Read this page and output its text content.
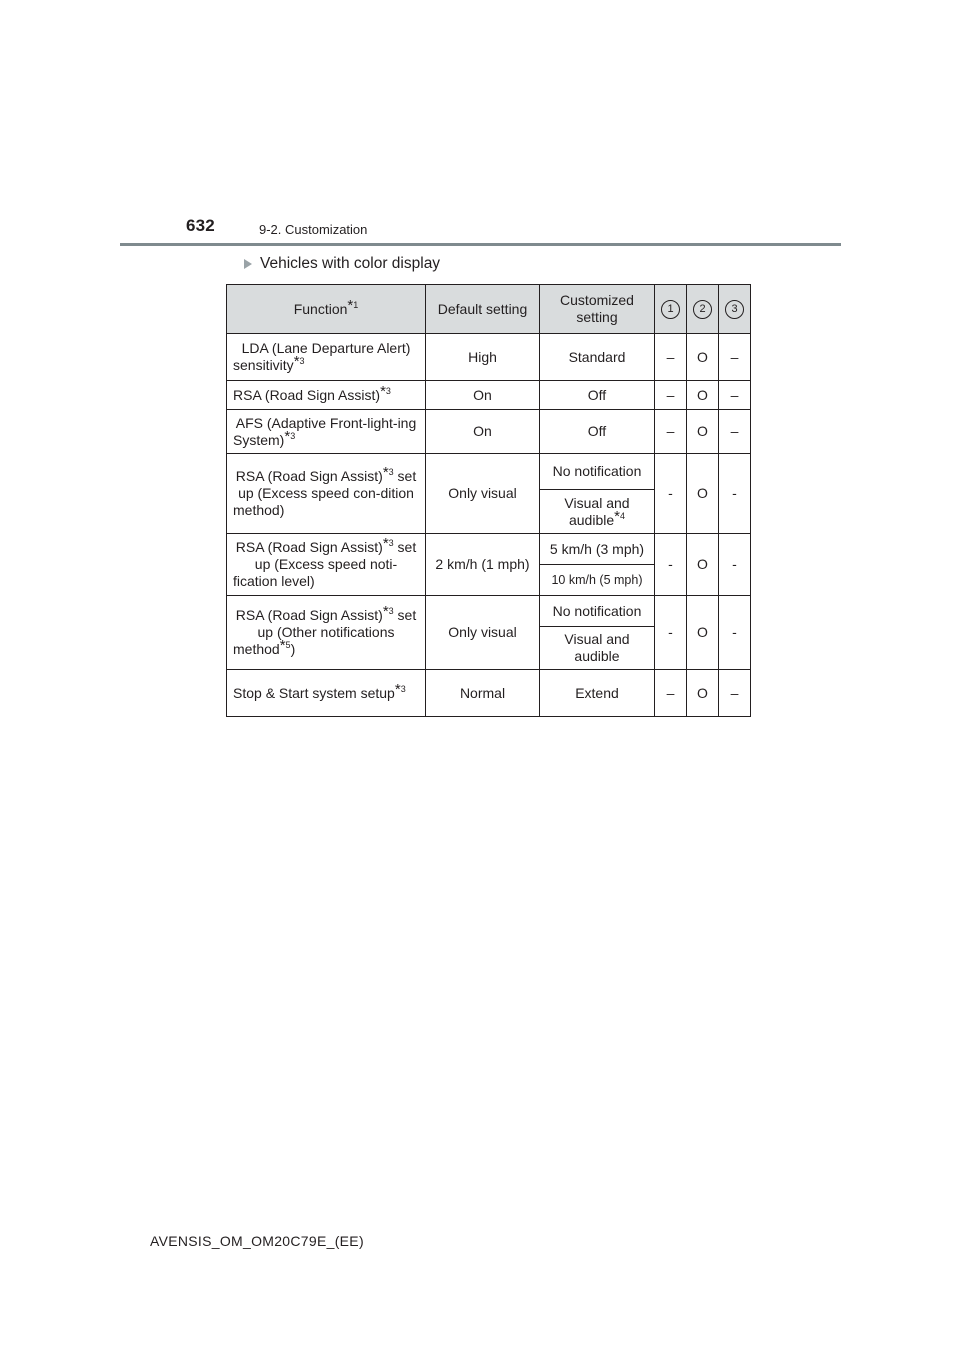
632	9-2. Customization
Vehicles with color display
Function$^{*1}$	Default setting	Customized setting	1	2	3
LDA (Lane Departure Alert) sensitivity$^{*3}$	High	Standard	–	O	–
RSA (Road Sign Assist)$^{*3}$	On	Off	–	O	–
AFS (Adaptive Front-light-ing System)$^{*3}$	On	Off	–	O	–
RSA (Road Sign Assist)$^{*3}$ set up (Excess speed con-dition method)	Only visual	No notification	-	O	-
		Visual and audible$^{*4}$
RSA (Road Sign Assist)$^{*3}$ set up (Excess speed noti-fication level)	2 km/h (1 mph)	5 km/h (3 mph)	-	O	-
		10 km/h (5 mph)			
RSA (Road Sign Assist)$^{*3}$ set up (Other notifications method$^{*5}$)	Only visual	No notification	-	O	-
		Visual and audible			
Stop & Start system setup$^{*3}$	Normal	Extend	–	O	–
AVENSIS_OM_OM20C79E_(EE)
